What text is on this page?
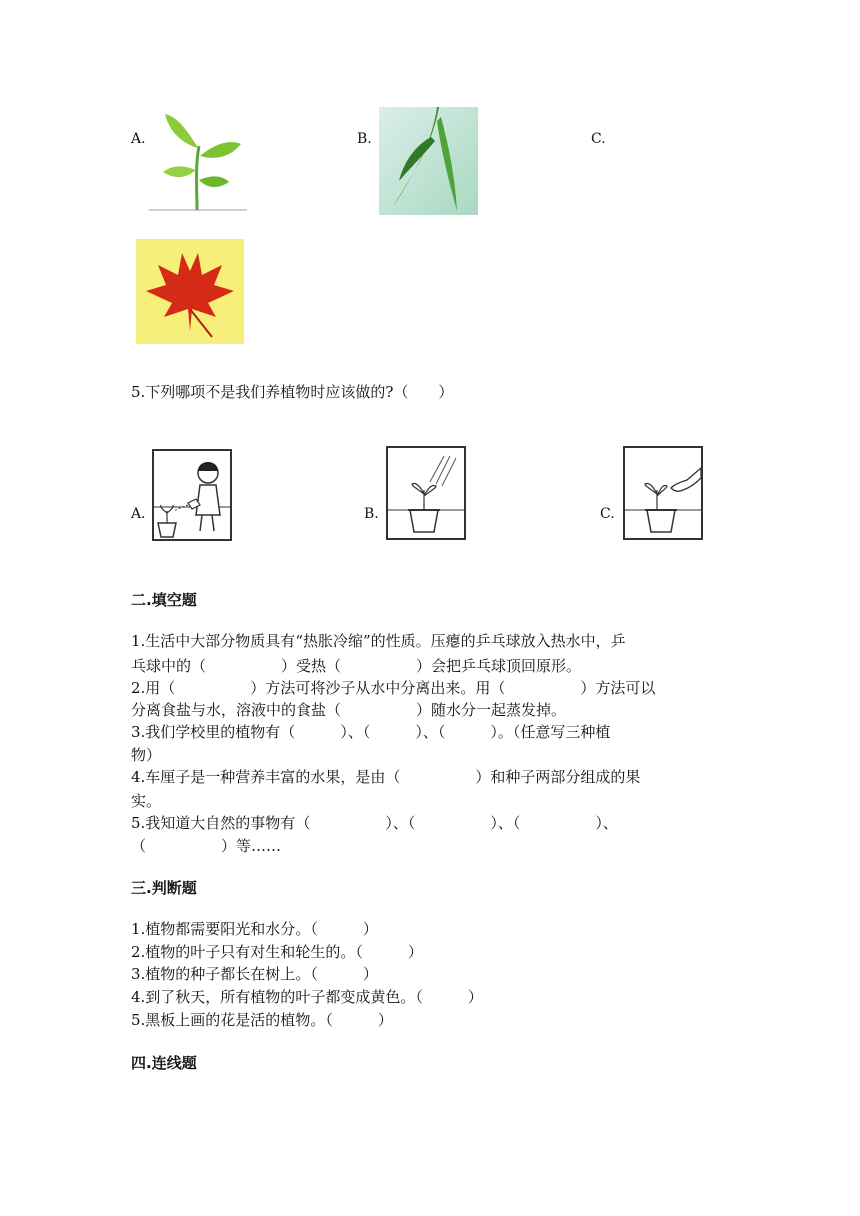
A.	B.	C.
5.下列哪项不是我们养植物时应该做的?（　　）
A.	B.	C.
二.填空题
1.生活中大部分物质具有“热胀冷缩”的性质。压瘪的乒乓球放入热水中，乒
乓球中的（　　　　　）受热（　　　　　）会把乒乓球顶回原形。
2.用（　　　　　）方法可将沙子从水中分离出来。用（　　　　　）方法可以
分离食盐与水，溶液中的食盐（　　　　　）随水分一起蒸发掉。
3.我们学校里的植物有（　　　）、（　　　）、（　　　）。（任意写三种植
物）
4.车厘子是一种营养丰富的水果，是由（　　　　　）和种子两部分组成的果
实。
5.我知道大自然的事物有（　　　　　）、（　　　　　）、（　　　　　）、
（　　　　　）等……
三.判断题
1.植物都需要阳光和水分。（　　　）
2.植物的叶子只有对生和轮生的。（　　　）
3.植物的种子都长在树上。（　　　）
4.到了秋天，所有植物的叶子都变成黄色。（　　　）
5.黑板上画的花是活的植物。（　　　）
四.连线题
